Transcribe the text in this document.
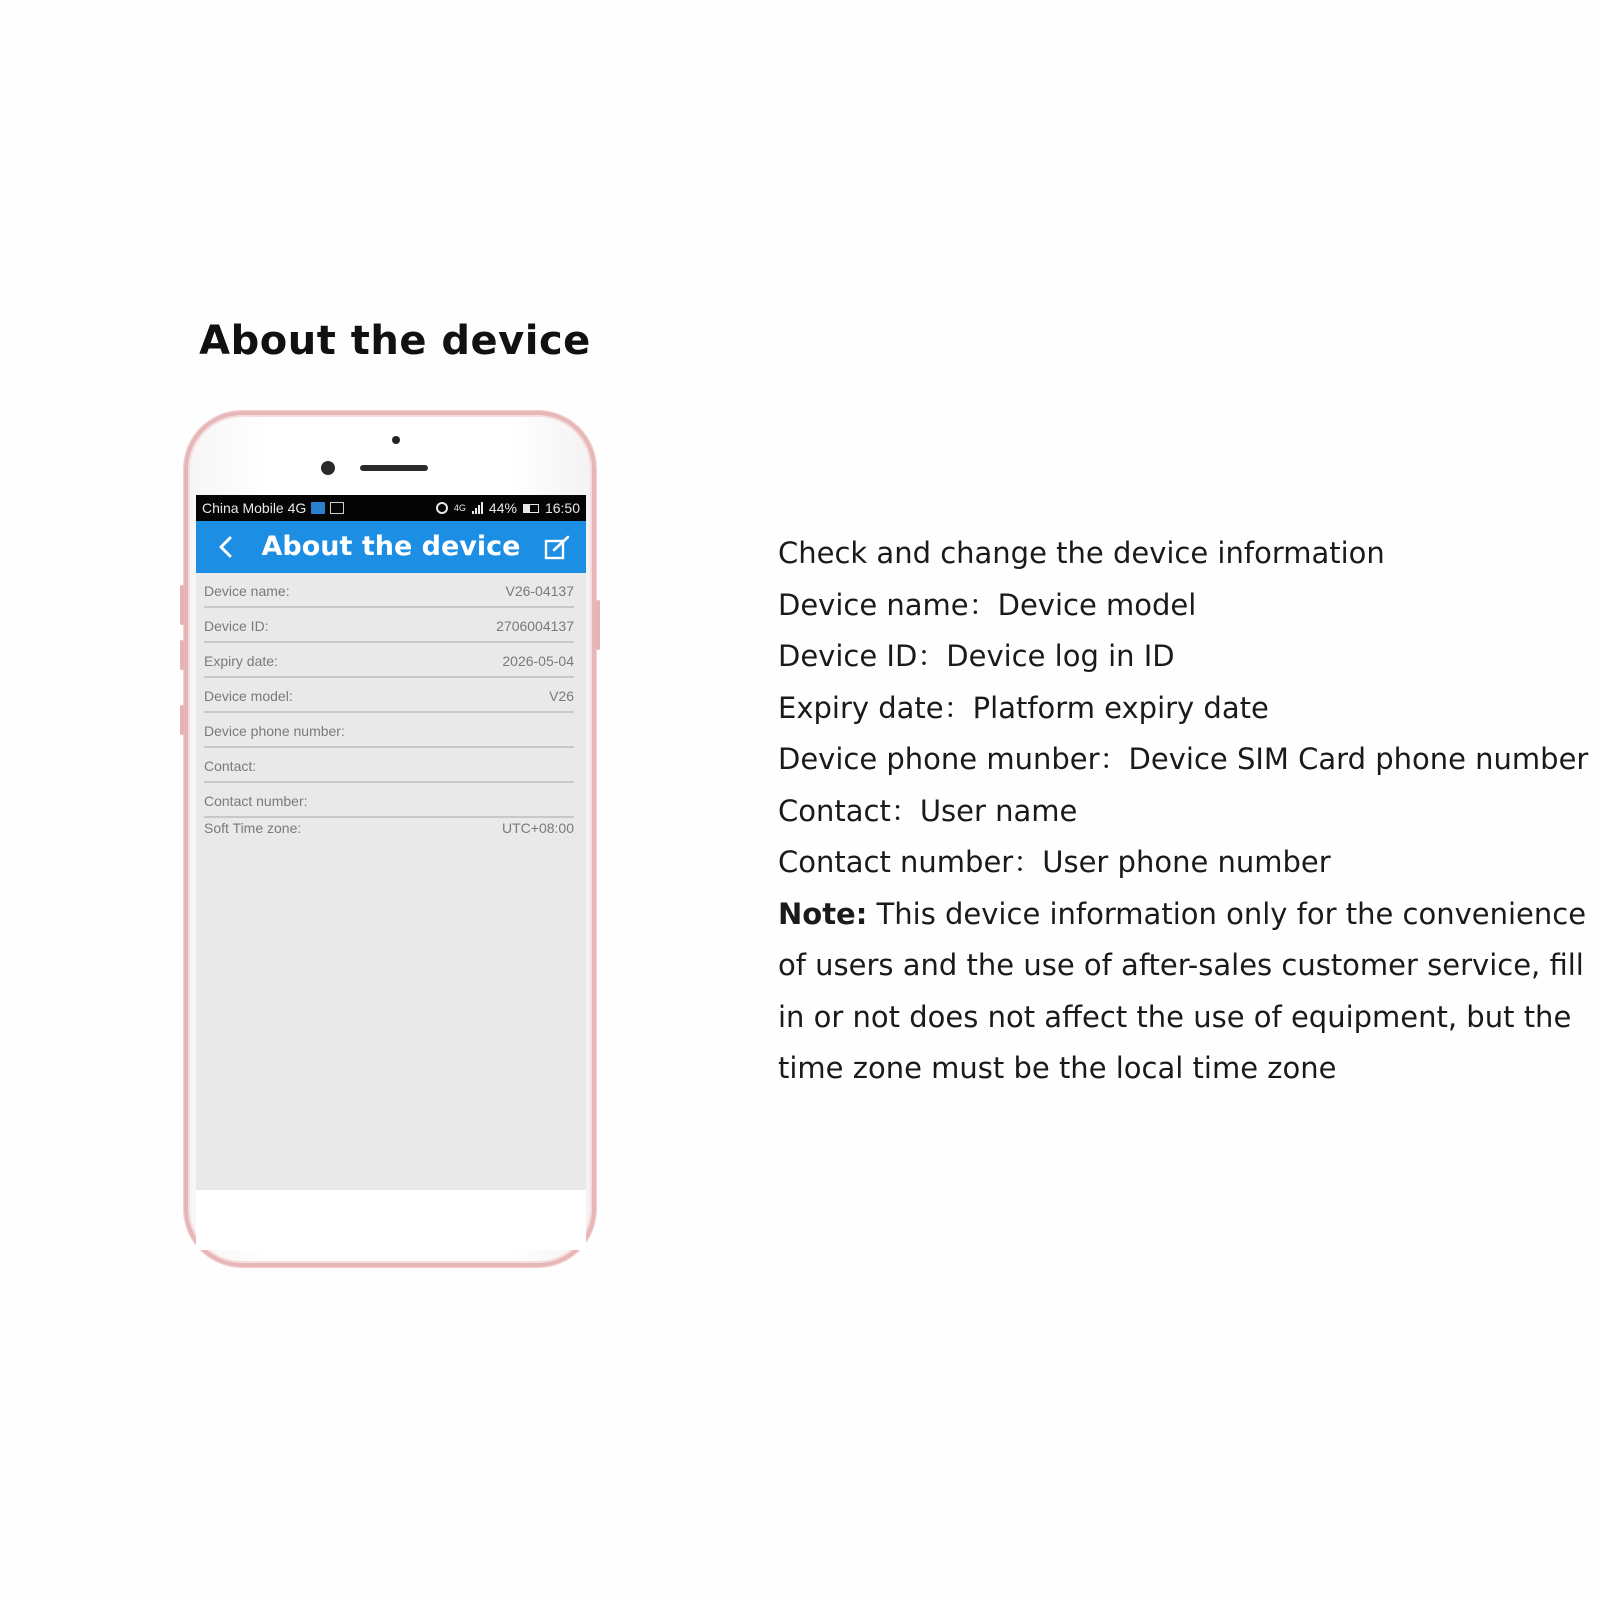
About the device
China Mobile 4G	4G 44% 16:50
About the device
Device name:	V26-04137
Device ID:	2706004137
Expiry date:	2026-05-04
Device model:	V26
Device phone number:
Contact:
Contact number:
Soft Time zone:	UTC+08:00
Check and change the device information
Device name：Device model
Device ID：Device log in ID
Expiry date：Platform expiry date
Device phone munber：Device SIM Card phone number
Contact：User name
Contact number：User phone number
Note: This device information only for the convenience
of users and the use of after-sales customer service, fill
in or not does not affect the use of equipment, but the
time zone must be the local time zone
